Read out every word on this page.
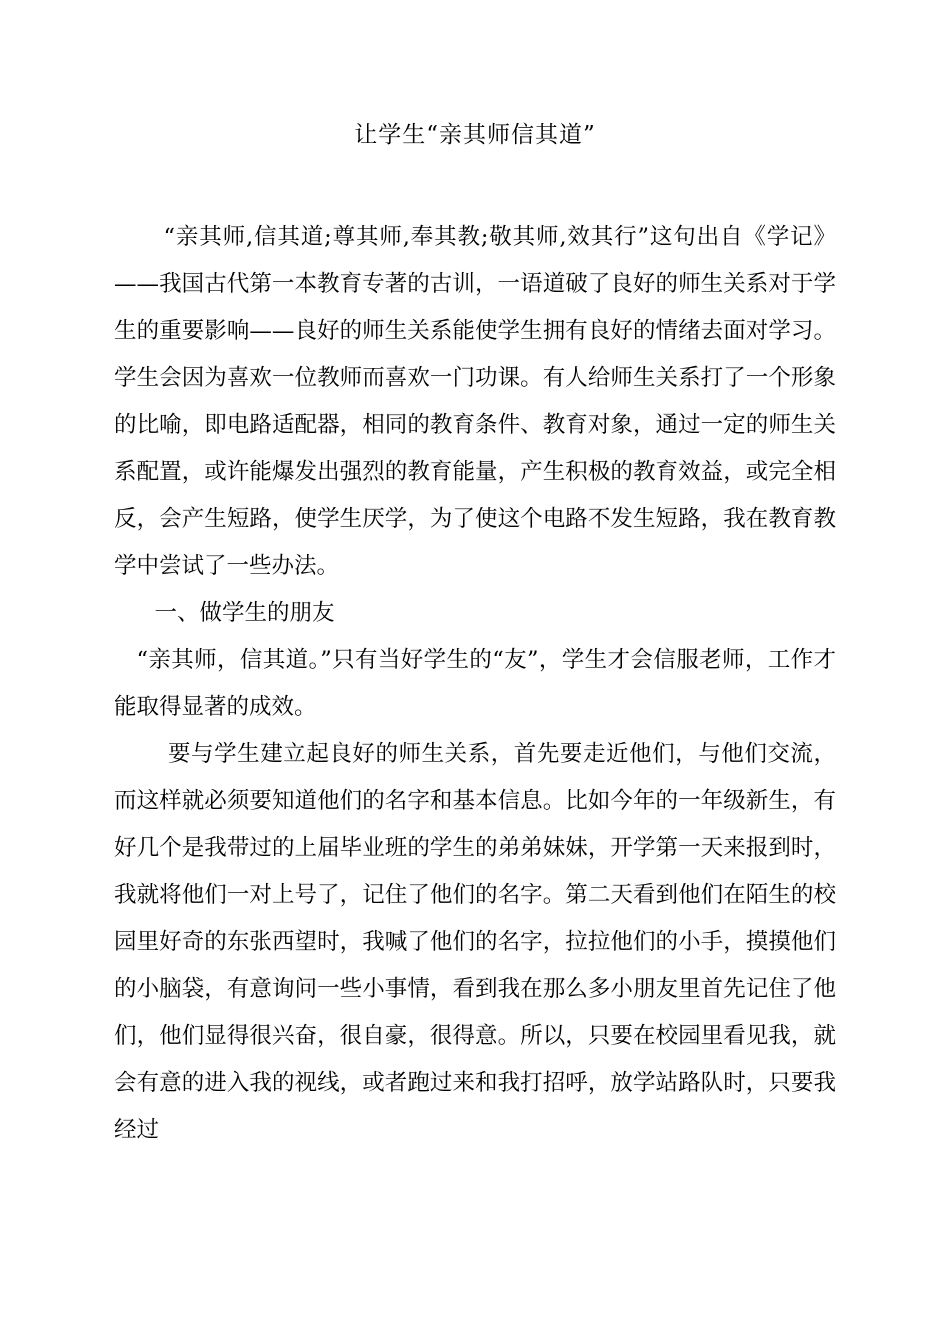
让学生“亲其师信其道”

“亲其师,信其道;尊其师,奉其教;敬其师,效其行”这句出自《学记》——我国古代第一本教育专著的古训，一语道破了良好的师生关系对于学生的重要影响——良好的师生关系能使学生拥有良好的情绪去面对学习。学生会因为喜欢一位教师而喜欢一门功课。有人给师生关系打了一个形象的比喻，即电路适配器，相同的教育条件、教育对象，通过一定的师生关系配置，或许能爆发出强烈的教育能量，产生积极的教育效益，或完全相反，会产生短路，使学生厌学，为了使这个电路不发生短路，我在教育教学中尝试了一些办法。

一、做学生的朋友

“亲其师，信其道。”只有当好学生的“友”，学生才会信服老师，工作才能取得显著的成效。

要与学生建立起良好的师生关系，首先要走近他们，与他们交流，而这样就必须要知道他们的名字和基本信息。比如今年的一年级新生，有好几个是我带过的上届毕业班的学生的弟弟妹妹，开学第一天来报到时，我就将他们一对上号了，记住了他们的名字。第二天看到他们在陌生的校园里好奇的东张西望时，我喊了他们的名字，拉拉他们的小手，摸摸他们的小脑袋，有意询问一些小事情，看到我在那么多小朋友里首先记住了他们，他们显得很兴奋，很自豪，很得意。所以，只要在校园里看见我，就会有意的进入我的视线，或者跑过来和我打招呼，放学站路队时，只要我经过
